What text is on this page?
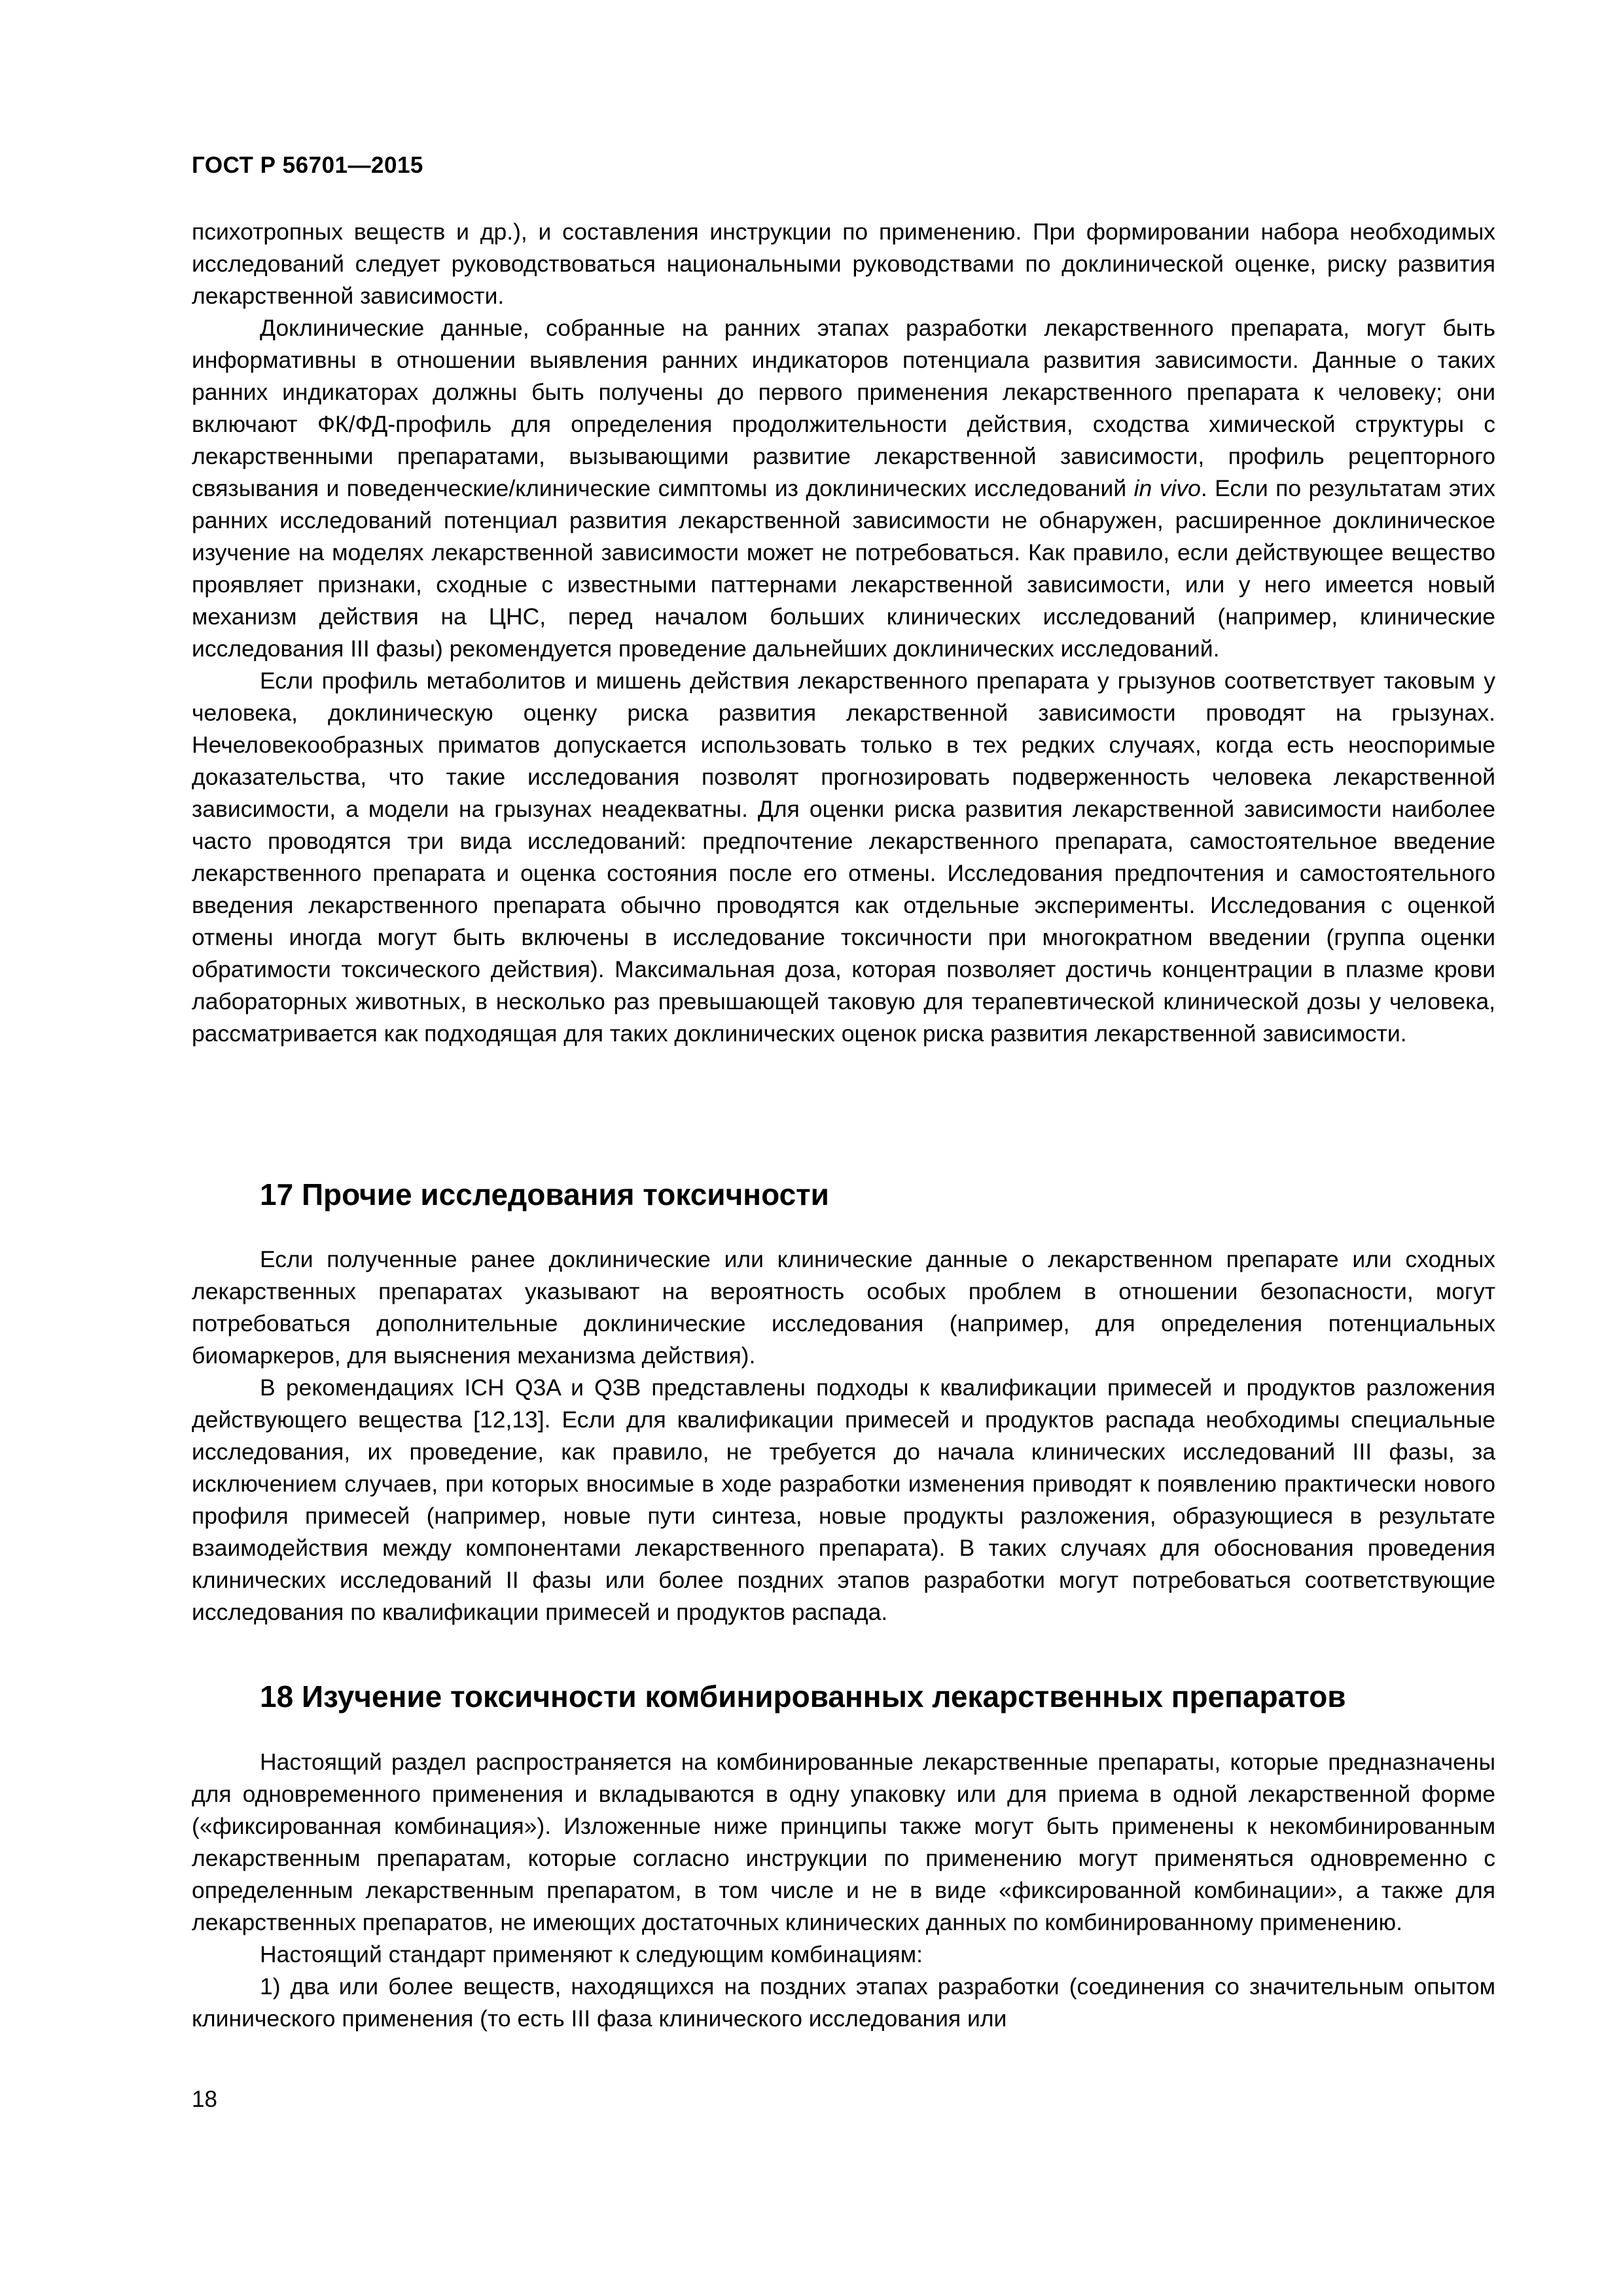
ГОСТ Р 56701—2015

психотропных веществ и др.), и составления инструкции по применению. При формировании набора необходимых исследований следует руководствоваться национальными руководствами по доклинической оценке, риску развития лекарственной зависимости.

Доклинические данные, собранные на ранних этапах разработки лекарственного препарата, могут быть информативны в отношении выявления ранних индикаторов потенциала развития зависимости. Данные о таких ранних индикаторах должны быть получены до первого применения лекарственного препарата к человеку; они включают ФК/ФД-профиль для определения продолжительности действия, сходства химической структуры с лекарственными препаратами, вызывающими развитие лекарственной зависимости, профиль рецепторного связывания и поведенческие/клинические симптомы из доклинических исследований in vivo. Если по результатам этих ранних исследований потенциал развития лекарственной зависимости не обнаружен, расширенное доклиническое изучение на моделях лекарственной зависимости может не потребоваться. Как правило, если действующее вещество проявляет признаки, сходные с известными паттернами лекарственной зависимости, или у него имеется новый механизм действия на ЦНС, перед началом больших клинических исследований (например, клинические исследования III фазы) рекомендуется проведение дальнейших доклинических исследований.

Если профиль метаболитов и мишень действия лекарственного препарата у грызунов соответствует таковым у человека, доклиническую оценку риска развития лекарственной зависимости проводят на грызунах. Нечеловекообразных приматов допускается использовать только в тех редких случаях, когда есть неоспоримые доказательства, что такие исследования позволят прогнозировать подверженность человека лекарственной зависимости, а модели на грызунах неадекватны. Для оценки риска развития лекарственной зависимости наиболее часто проводятся три вида исследований: предпочтение лекарственного препарата, самостоятельное введение лекарственного препарата и оценка состояния после его отмены. Исследования предпочтения и самостоятельного введения лекарственного препарата обычно проводятся как отдельные эксперименты. Исследования с оценкой отмены иногда могут быть включены в исследование токсичности при многократном введении (группа оценки обратимости токсического действия). Максимальная доза, которая позволяет достичь концентрации в плазме крови лабораторных животных, в несколько раз превышающей таковую для терапевтической клинической дозы у человека, рассматривается как подходящая для таких доклинических оценок риска развития лекарственной зависимости.

17 Прочие исследования токсичности

Если полученные ранее доклинические или клинические данные о лекарственном препарате или сходных лекарственных препаратах указывают на вероятность особых проблем в отношении безопасности, могут потребоваться дополнительные доклинические исследования (например, для определения потенциальных биомаркеров, для выяснения механизма действия).

В рекомендациях ICH Q3A и Q3B представлены подходы к квалификации примесей и продуктов разложения действующего вещества [12,13]. Если для квалификации примесей и продуктов распада необходимы специальные исследования, их проведение, как правило, не требуется до начала клинических исследований III фазы, за исключением случаев, при которых вносимые в ходе разработки изменения приводят к появлению практически нового профиля примесей (например, новые пути синтеза, новые продукты разложения, образующиеся в результате взаимодействия между компонентами лекарственного препарата). В таких случаях для обоснования проведения клинических исследований II фазы или более поздних этапов разработки могут потребоваться соответствующие исследования по квалификации примесей и продуктов распада.

18 Изучение токсичности комбинированных лекарственных препаратов

Настоящий раздел распространяется на комбинированные лекарственные препараты, которые предназначены для одновременного применения и вкладываются в одну упаковку или для приема в одной лекарственной форме («фиксированная комбинация»). Изложенные ниже принципы также могут быть применены к некомбинированным лекарственным препаратам, которые согласно инструкции по применению могут применяться одновременно с определенным лекарственным препаратом, в том числе и не в виде «фиксированной комбинации», а также для лекарственных препаратов, не имеющих достаточных клинических данных по комбинированному применению.

Настоящий стандарт применяют к следующим комбинациям:

1) два или более веществ, находящихся на поздних этапах разработки (соединения со значительным опытом клинического применения (то есть III фаза клинического исследования или

18
